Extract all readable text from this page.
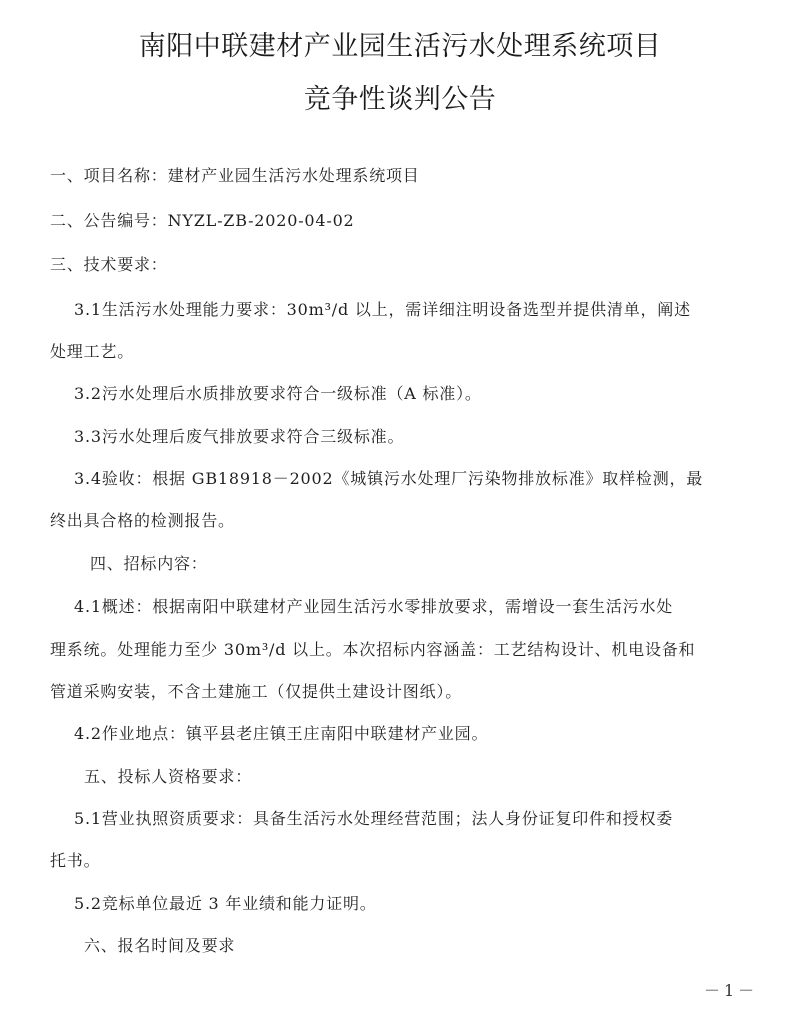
南阳中联建材产业园生活污水处理系统项目
竞争性谈判公告
一、项目名称：建材产业园生活污水处理系统项目
二、公告编号：NYZL-ZB-2020-04-02
三、技术要求：
3.1生活污水处理能力要求：30m³/d 以上，需详细注明设备选型并提供清单，阐述
处理工艺。
3.2污水处理后水质排放要求符合一级标准（A 标准）。
3.3污水处理后废气排放要求符合三级标准。
3.4验收：根据 GB18918－2002《城镇污水处理厂污染物排放标准》取样检测，最
终出具合格的检测报告。
四、招标内容：
4.1概述：根据南阳中联建材产业园生活污水零排放要求，需增设一套生活污水处
理系统。处理能力至少 30m³/d 以上。本次招标内容涵盖：工艺结构设计、机电设备和
管道采购安装，不含土建施工（仅提供土建设计图纸）。
4.2作业地点：镇平县老庄镇王庄南阳中联建材产业园。
五、投标人资格要求：
5.1营业执照资质要求：具备生活污水处理经营范围；法人身份证复印件和授权委
托书。
5.2竞标单位最近 3 年业绩和能力证明。
六、报名时间及要求
－1－
